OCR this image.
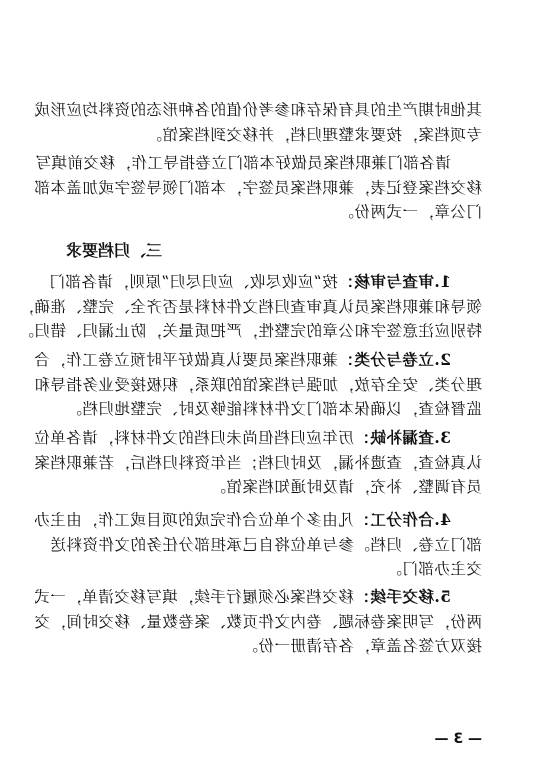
其他时期产生的具有保存和参考价值的各种形态的资料均应形成
专项档案，按要求整理归档，并移交到档案馆。
请各部门兼职档案员做好本部门立卷指导工作，移交前填写
移交档案登记表，兼职档案员签字，本部门领导签字或加盖本部
门公章，一式两份。
三、归档要求
1.审查与审核：按“应收尽收、应归尽归”原则，请各部门
领导和兼职档案员认真审查归档文件材料是否齐全、完整、准确，
特别应注意签字和公章的完整性，严把质量关，防止漏归、错归。
2.立卷与分类：兼职档案员要认真做好平时预立卷工作，合
理分类、安全存放，加强与档案馆的联系，积极接受业务指导和
监督检查，以确保本部门文件材料能够及时、完整地归档。
3.查漏补缺：历年应归档但尚未归档的文件材料，请各单位
认真检查，查遗补漏，及时归档；当年资料归档后，若兼职档案
员有调整、补充，请及时通知档案馆。
4.合作分工：凡由多个单位合作完成的项目或工作，由主办
部门立卷、归档。参与单位将自己承担部分任务的文件资料送
交主办部门。
5.移交手续：移交档案必须履行手续，填写移交清单，一式
两份，写明案卷标题、卷内文件页数、案卷数量、移交时间，交
接双方签名盖章，各存清册一份。
— 3 —
